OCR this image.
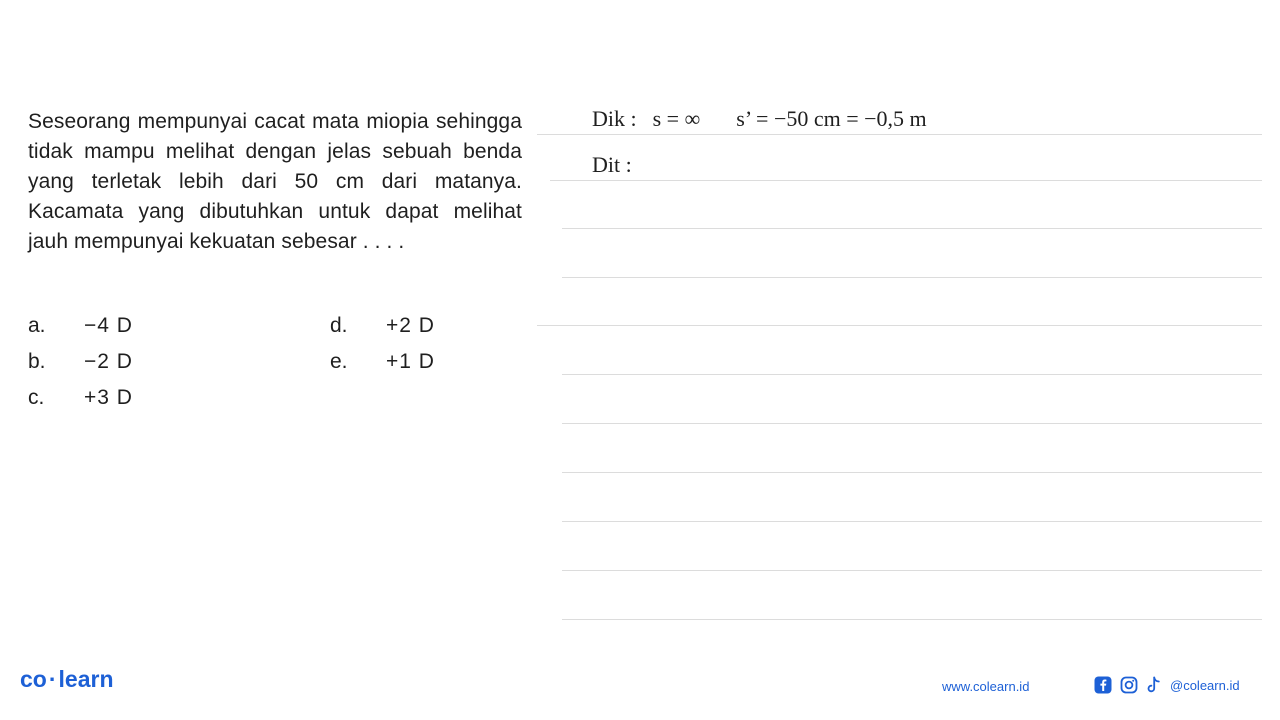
Seseorang mempunyai cacat mata miopia sehingga tidak mampu melihat dengan jelas sebuah benda yang terletak lebih dari 50 cm dari matanya. Kacamata yang dibutuhkan untuk dapat melihat jauh mempunyai kekuatan sebesar . . . .
a. −4 D
b. −2 D
c. +3 D
d. +2 D
e. +1 D
Dik : s = ∞ s’ = −50 cm = −0,5 m
Dit :
co·learn	www.colearn.id	@colearn.id
